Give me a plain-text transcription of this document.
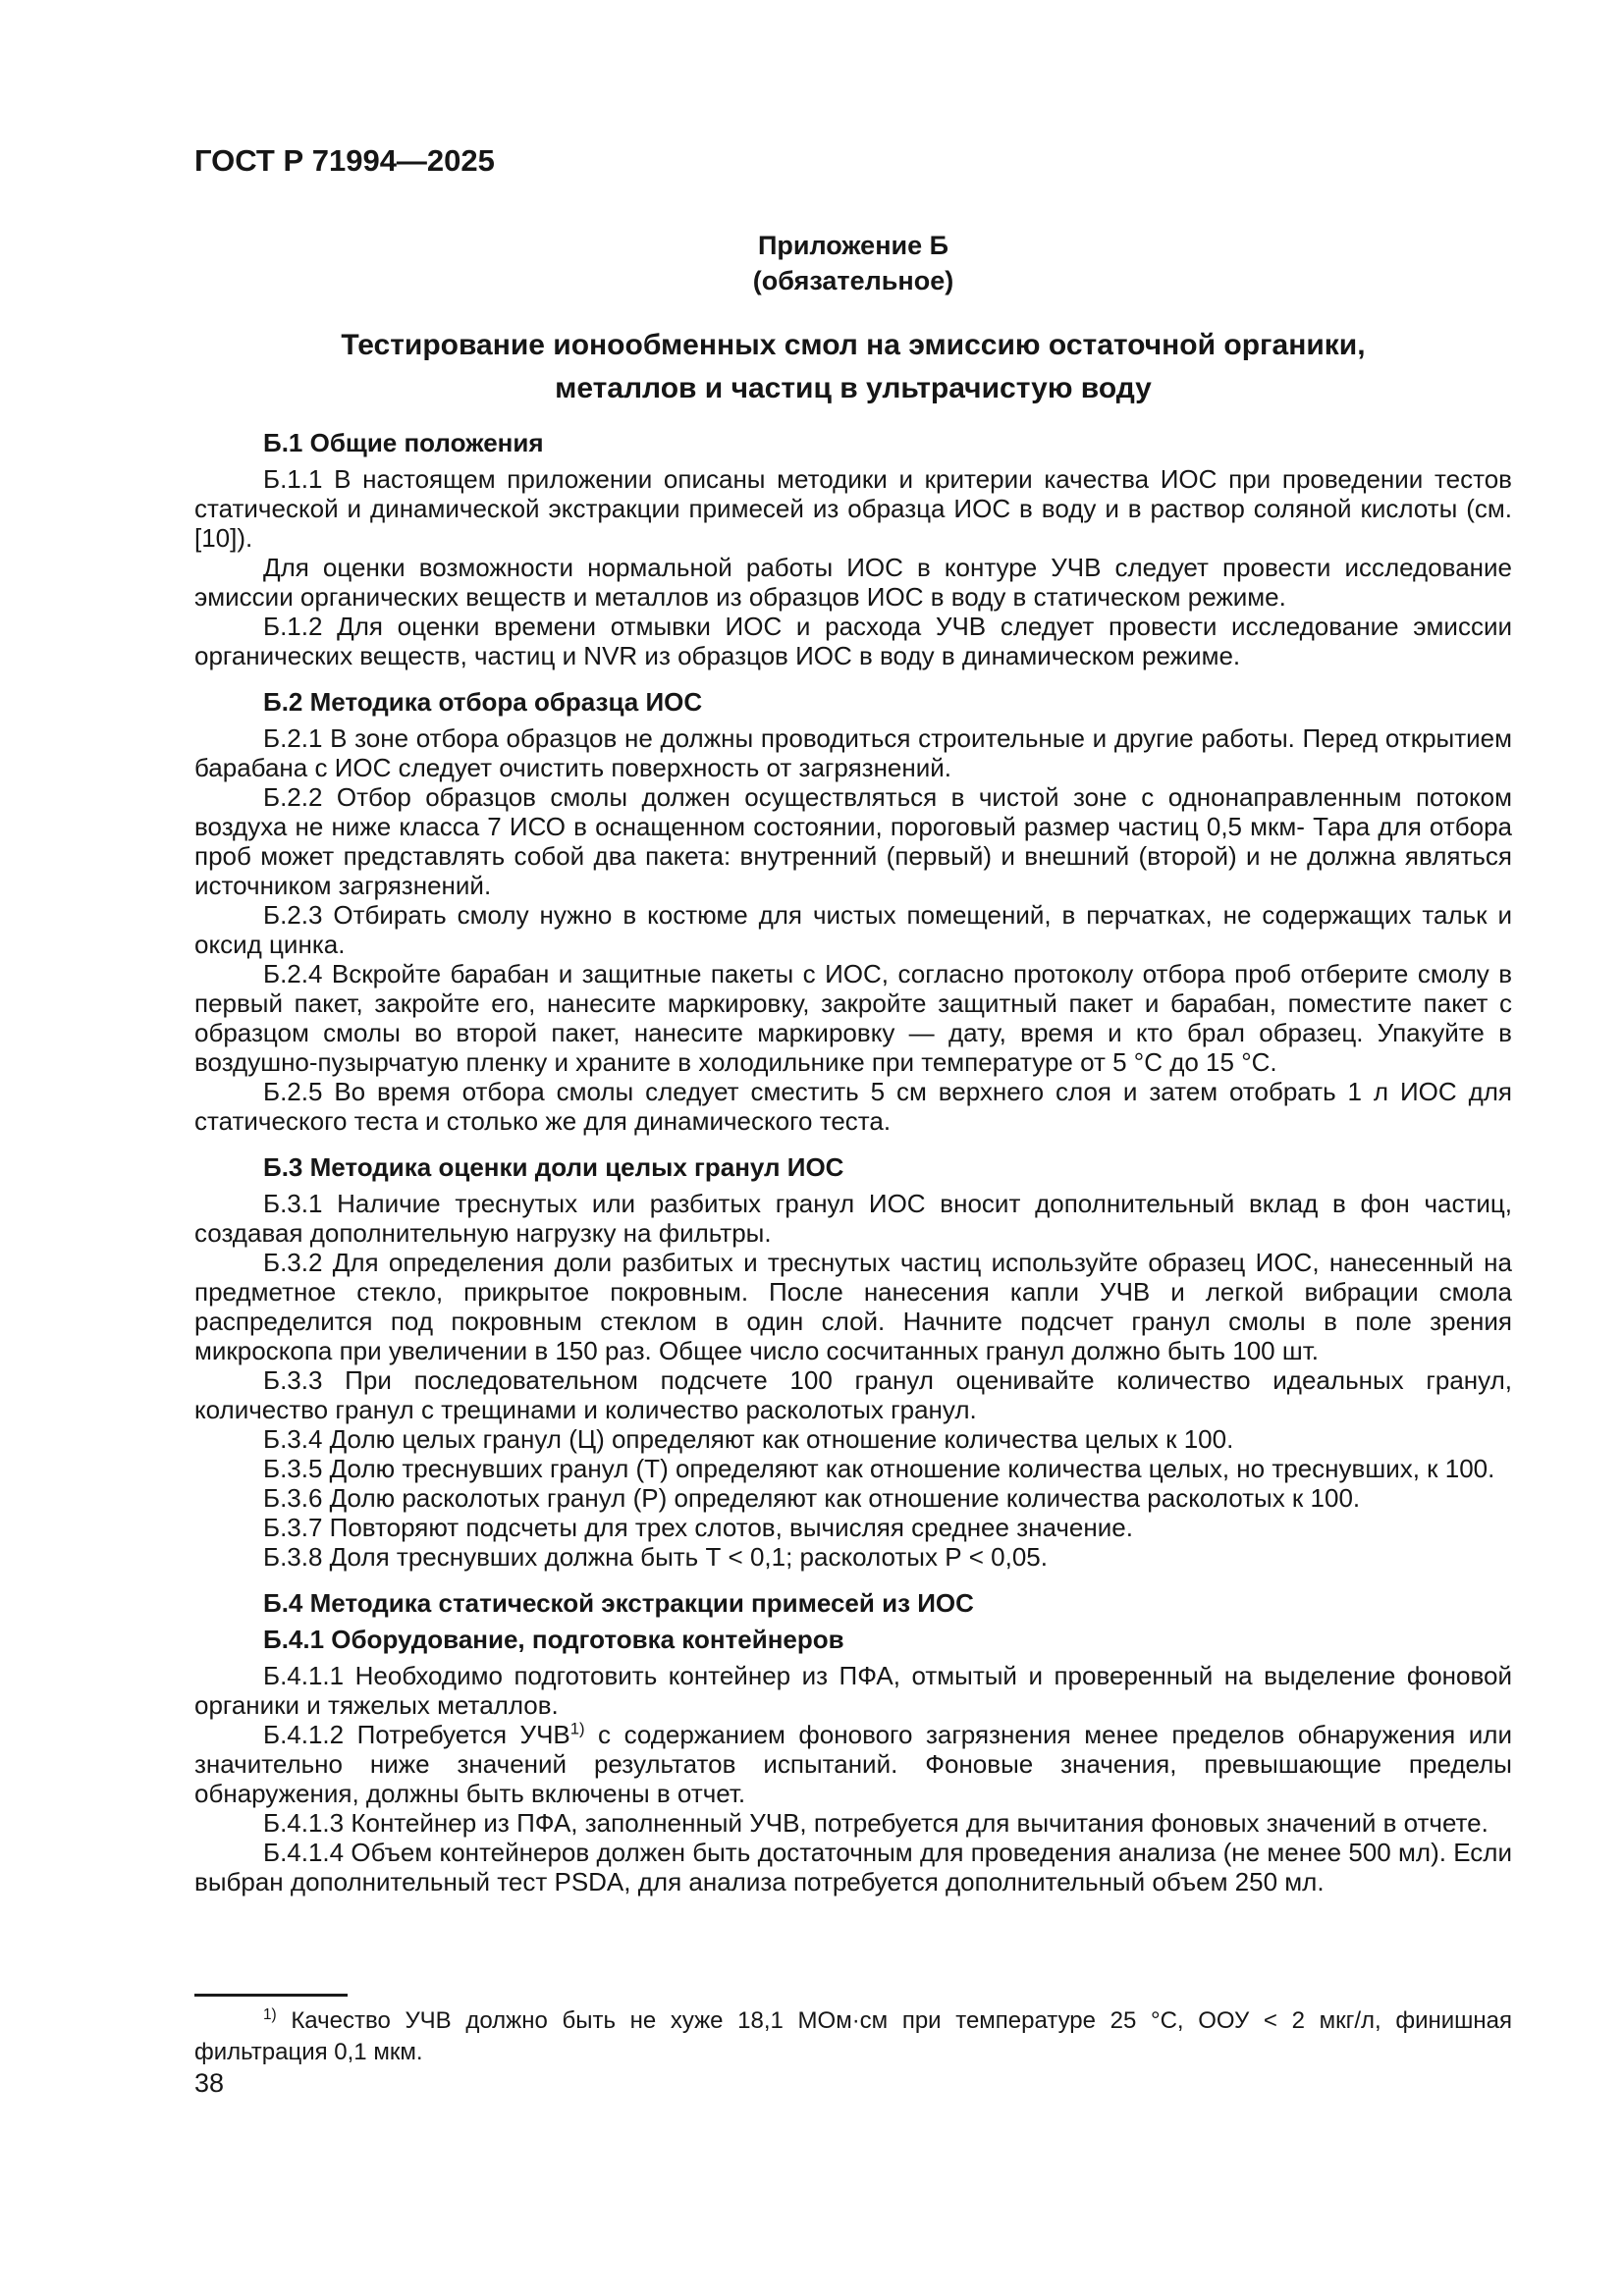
ГОСТ Р 71994—2025
Приложение Б
(обязательное)
Тестирование ионообменных смол на эмиссию остаточной органики,
металлов и частиц в ультрачистую воду
Б.1 Общие положения
Б.1.1 В настоящем приложении описаны методики и критерии качества ИОС при проведении тестов статической и динамической экстракции примесей из образца ИОС в воду и в раствор соляной кислоты (см. [10]).
Для оценки возможности нормальной работы ИОС в контуре УЧВ следует провести исследование эмиссии органических веществ и металлов из образцов ИОС в воду в статическом режиме.
Б.1.2 Для оценки времени отмывки ИОС и расхода УЧВ следует провести исследование эмиссии органических веществ, частиц и NVR из образцов ИОС в воду в динамическом режиме.
Б.2 Методика отбора образца ИОС
Б.2.1 В зоне отбора образцов не должны проводиться строительные и другие работы. Перед открытием барабана с ИОС следует очистить поверхность от загрязнений.
Б.2.2 Отбор образцов смолы должен осуществляться в чистой зоне с однонаправленным потоком воздуха не ниже класса 7 ИСО в оснащенном состоянии, пороговый размер частиц 0,5 мкм- Тара для отбора проб может представлять собой два пакета: внутренний (первый) и внешний (второй) и не должна являться источником загрязнений.
Б.2.3 Отбирать смолу нужно в костюме для чистых помещений, в перчатках, не содержащих тальк и оксид цинка.
Б.2.4 Вскройте барабан и защитные пакеты с ИОС, согласно протоколу отбора проб отберите смолу в первый пакет, закройте его, нанесите маркировку, закройте защитный пакет и барабан, поместите пакет с образцом смолы во второй пакет, нанесите маркировку — дату, время и кто брал образец. Упакуйте в воздушно-пузырчатую пленку и храните в холодильнике при температуре от 5 °С до 15 °С.
Б.2.5 Во время отбора смолы следует сместить 5 см верхнего слоя и затем отобрать 1 л ИОС для статического теста и столько же для динамического теста.
Б.3 Методика оценки доли целых гранул ИОС
Б.3.1 Наличие треснутых или разбитых гранул ИОС вносит дополнительный вклад в фон частиц, создавая дополнительную нагрузку на фильтры.
Б.3.2 Для определения доли разбитых и треснутых частиц используйте образец ИОС, нанесенный на предметное стекло, прикрытое покровным. После нанесения капли УЧВ и легкой вибрации смола распределится под покровным стеклом в один слой. Начните подсчет гранул смолы в поле зрения микроскопа при увеличении в 150 раз. Общее число сосчитанных гранул должно быть 100 шт.
Б.3.3 При последовательном подсчете 100 гранул оценивайте количество идеальных гранул, количество гранул с трещинами и количество расколотых гранул.
Б.3.4 Долю целых гранул (Ц) определяют как отношение количества целых к 100.
Б.3.5 Долю треснувших гранул (Т) определяют как отношение количества целых, но треснувших, к 100.
Б.3.6 Долю расколотых гранул (Р) определяют как отношение количества расколотых к 100.
Б.3.7 Повторяют подсчеты для трех слотов, вычисляя среднее значение.
Б.3.8 Доля треснувших должна быть Т < 0,1; расколотых Р < 0,05.
Б.4 Методика статической экстракции примесей из ИОС
Б.4.1 Оборудование, подготовка контейнеров
Б.4.1.1 Необходимо подготовить контейнер из ПФА, отмытый и проверенный на выделение фоновой органики и тяжелых металлов.
Б.4.1.2 Потребуется УЧВ$^{1)}$ с содержанием фонового загрязнения менее пределов обнаружения или значительно ниже значений результатов испытаний. Фоновые значения, превышающие пределы обнаружения, должны быть включены в отчет.
Б.4.1.3 Контейнер из ПФА, заполненный УЧВ, потребуется для вычитания фоновых значений в отчете.
Б.4.1.4 Объем контейнеров должен быть достаточным для проведения анализа (не менее 500 мл). Если выбран дополнительный тест PSDA, для анализа потребуется дополнительный объем 250 мл.
$^{1)}$ Качество УЧВ должно быть не хуже 18,1 МОм·см при температуре 25 °С, ООУ < 2 мкг/л, финишная фильтрация 0,1 мкм.
38
